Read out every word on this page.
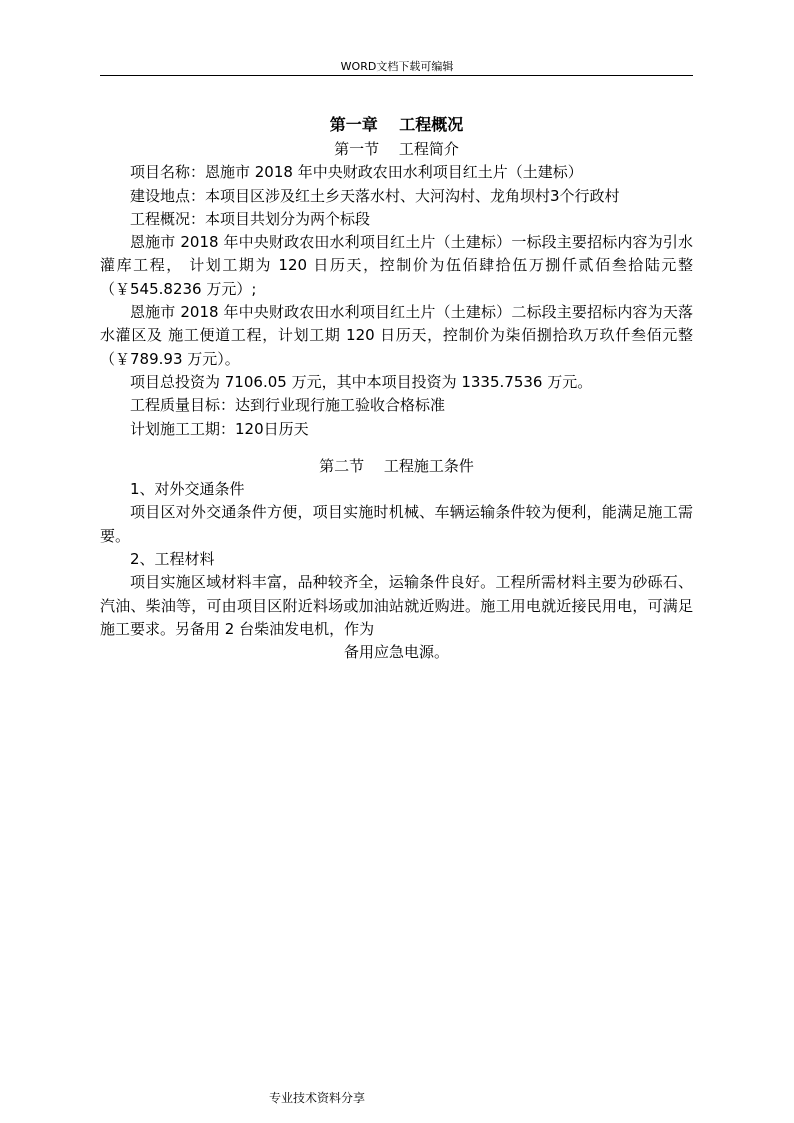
WORD文档下载可编辑

第一章　 工程概况

第一节　 工程简介

项目名称：恩施市 2018 年中央财政农田水利项目红土片（土建标）

建设地点：本项目区涉及红土乡天落水村、大河沟村、龙角坝村3个行政村

工程概况：本项目共划分为两个标段

恩施市 2018 年中央财政农田水利项目红土片（土建标）一标段主要招标内容为引水灌库工程， 计划工期为 120 日历天，控制价为伍佰肆拾伍万捌仟贰佰叁拾陆元整（￥545.8236 万元）;

恩施市 2018 年中央财政农田水利项目红土片（土建标）二标段主要招标内容为天落水灌区及 施工便道工程，计划工期 120 日历天，控制价为柒佰捌拾玖万玖仟叁佰元整（￥789.93 万元）。

项目总投资为 7106.05 万元，其中本项目投资为 1335.7536 万元。

工程质量目标：达到行业现行施工验收合格标准

计划施工工期：120日历天

第二节　 工程施工条件

1、对外交通条件

项目区对外交通条件方便，项目实施时机械、车辆运输条件较为便利，能满足施工需要。

2、工程材料

项目实施区域材料丰富，品种较齐全，运输条件良好。工程所需材料主要为砂砾石、汽油、柴油等，可由项目区附近料场或加油站就近购进。施工用电就近接民用电，可满足施工要求。另备用 2 台柴油发电机，作为

备用应急电源。

专业技术资料分享
